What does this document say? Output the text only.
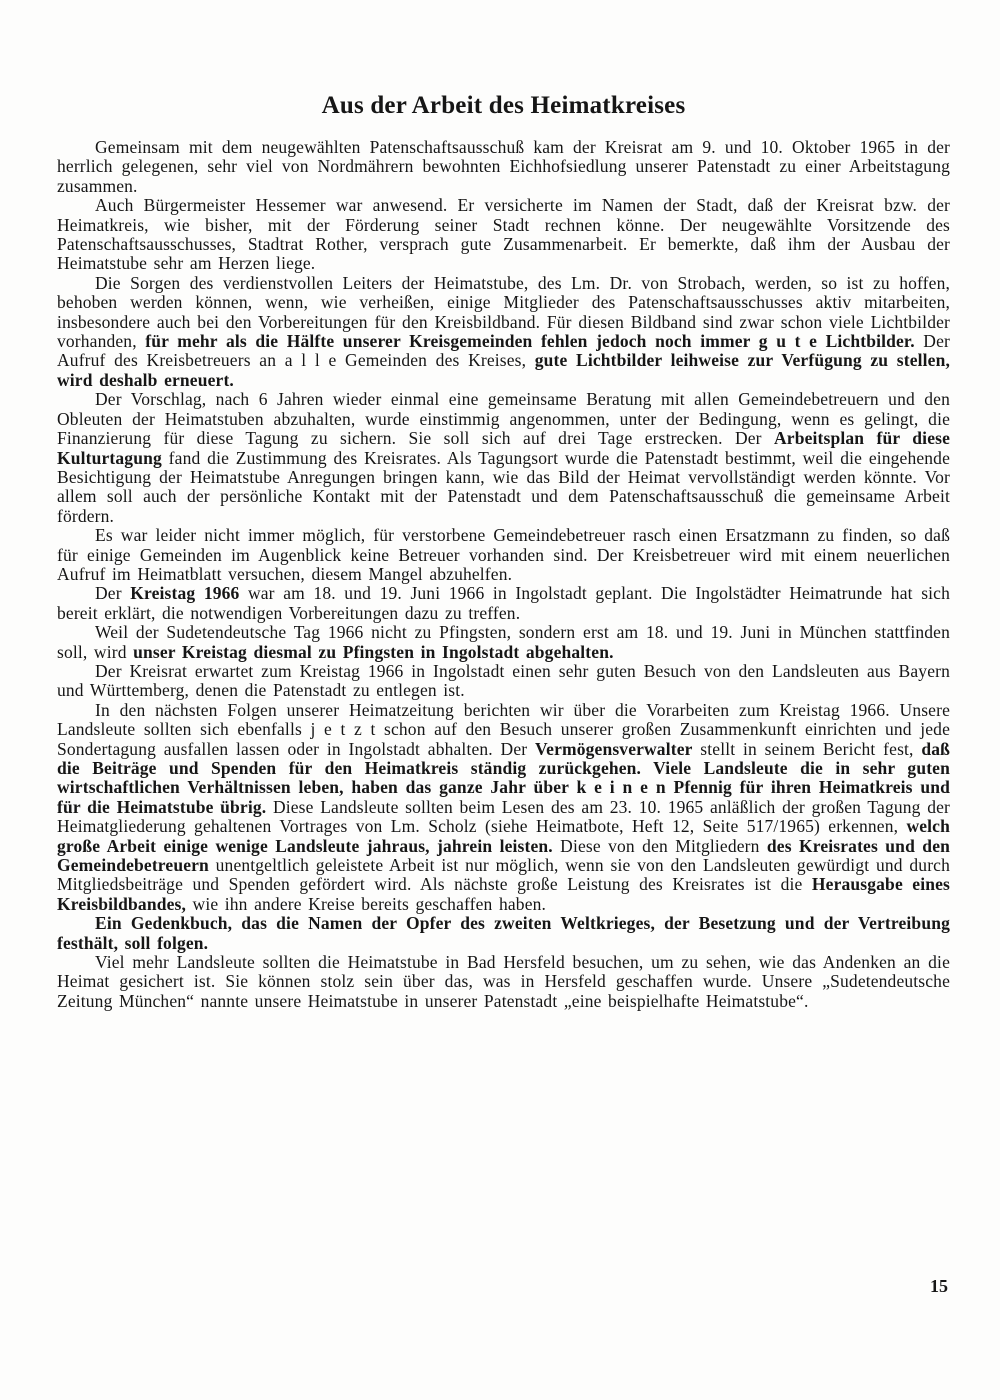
Aus der Arbeit des Heimatkreises

Gemeinsam mit dem neugewählten Patenschaftsausschuß kam der Kreisrat am 9. und 10. Oktober 1965 in der herrlich gelegenen, sehr viel von Nordmährern bewohnten Eichhofsiedlung unserer Patenstadt zu einer Arbeitstagung zusammen.

Auch Bürgermeister Hessemer war anwesend. Er versicherte im Namen der Stadt, daß der Kreisrat bzw. der Heimatkreis, wie bisher, mit der Förderung seiner Stadt rechnen könne. Der neugewählte Vorsitzende des Patenschaftsausschusses, Stadtrat Rother, versprach gute Zusammenarbeit. Er bemerkte, daß ihm der Ausbau der Heimatstube sehr am Herzen liege.

Die Sorgen des verdienstvollen Leiters der Heimatstube, des Lm. Dr. von Strobach, werden, so ist zu hoffen, behoben werden können, wenn, wie verheißen, einige Mitglieder des Patenschaftsausschusses aktiv mitarbeiten, insbesondere auch bei den Vorbereitungen für den Kreisbildband. Für diesen Bildband sind zwar schon viele Lichtbilder vorhanden, für mehr als die Hälfte unserer Kreisgemeinden fehlen jedoch noch immer g u t e Lichtbilder. Der Aufruf des Kreisbetreuers an a l l e Gemeinden des Kreises, gute Lichtbilder leihweise zur Verfügung zu stellen, wird deshalb erneuert.

Der Vorschlag, nach 6 Jahren wieder einmal eine gemeinsame Beratung mit allen Gemeindebetreuern und den Obleuten der Heimatstuben abzuhalten, wurde einstimmig angenommen, unter der Bedingung, wenn es gelingt, die Finanzierung für diese Tagung zu sichern. Sie soll sich auf drei Tage erstrecken. Der Arbeitsplan für diese Kulturtagung fand die Zustimmung des Kreisrates. Als Tagungsort wurde die Patenstadt bestimmt, weil die eingehende Besichtigung der Heimatstube Anregungen bringen kann, wie das Bild der Heimat vervollständigt werden könnte. Vor allem soll auch der persönliche Kontakt mit der Patenstadt und dem Patenschaftsausschuß die gemeinsame Arbeit fördern.

Es war leider nicht immer möglich, für verstorbene Gemeindebetreuer rasch einen Ersatzmann zu finden, so daß für einige Gemeinden im Augenblick keine Betreuer vorhanden sind. Der Kreisbetreuer wird mit einem neuerlichen Aufruf im Heimatblatt versuchen, diesem Mangel abzuhelfen.

Der Kreistag 1966 war am 18. und 19. Juni 1966 in Ingolstadt geplant. Die Ingolstädter Heimatrunde hat sich bereit erklärt, die notwendigen Vorbereitungen dazu zu treffen.

Weil der Sudetendeutsche Tag 1966 nicht zu Pfingsten, sondern erst am 18. und 19. Juni in München stattfinden soll, wird unser Kreistag diesmal zu Pfingsten in Ingolstadt abgehalten.

Der Kreisrat erwartet zum Kreistag 1966 in Ingolstadt einen sehr guten Besuch von den Landsleuten aus Bayern und Württemberg, denen die Patenstadt zu entlegen ist.

In den nächsten Folgen unserer Heimatzeitung berichten wir über die Vorarbeiten zum Kreistag 1966. Unsere Landsleute sollten sich ebenfalls j e t z t schon auf den Besuch unserer großen Zusammenkunft einrichten und jede Sondertagung ausfallen lassen oder in Ingolstadt abhalten. Der Vermögensverwalter stellt in seinem Bericht fest, daß die Beiträge und Spenden für den Heimatkreis ständig zurückgehen. Viele Landsleute die in sehr guten wirtschaftlichen Verhältnissen leben, haben das ganze Jahr über k e i n e n Pfennig für ihren Heimatkreis und für die Heimatstube übrig. Diese Landsleute sollten beim Lesen des am 23. 10. 1965 anläßlich der großen Tagung der Heimatgliederung gehaltenen Vortrages von Lm. Scholz (siehe Heimatbote, Heft 12, Seite 517/1965) erkennen, welch große Arbeit einige wenige Landsleute jahraus, jahrein leisten. Diese von den Mitgliedern des Kreisrates und den Gemeindebetreuern unentgeltlich geleistete Arbeit ist nur möglich, wenn sie von den Landsleuten gewürdigt und durch Mitgliedsbeiträge und Spenden gefördert wird. Als nächste große Leistung des Kreisrates ist die Herausgabe eines Kreisbildbandes, wie ihn andere Kreise bereits geschaffen haben.

Ein Gedenkbuch, das die Namen der Opfer des zweiten Weltkrieges, der Besetzung und der Vertreibung festhält, soll folgen.

Viel mehr Landsleute sollten die Heimatstube in Bad Hersfeld besuchen, um zu sehen, wie das Andenken an die Heimat gesichert ist. Sie können stolz sein über das, was in Hersfeld geschaffen wurde. Unsere „Sudetendeutsche Zeitung München“ nannte unsere Heimatstube in unserer Patenstadt „eine beispielhafte Heimatstube“.

15
